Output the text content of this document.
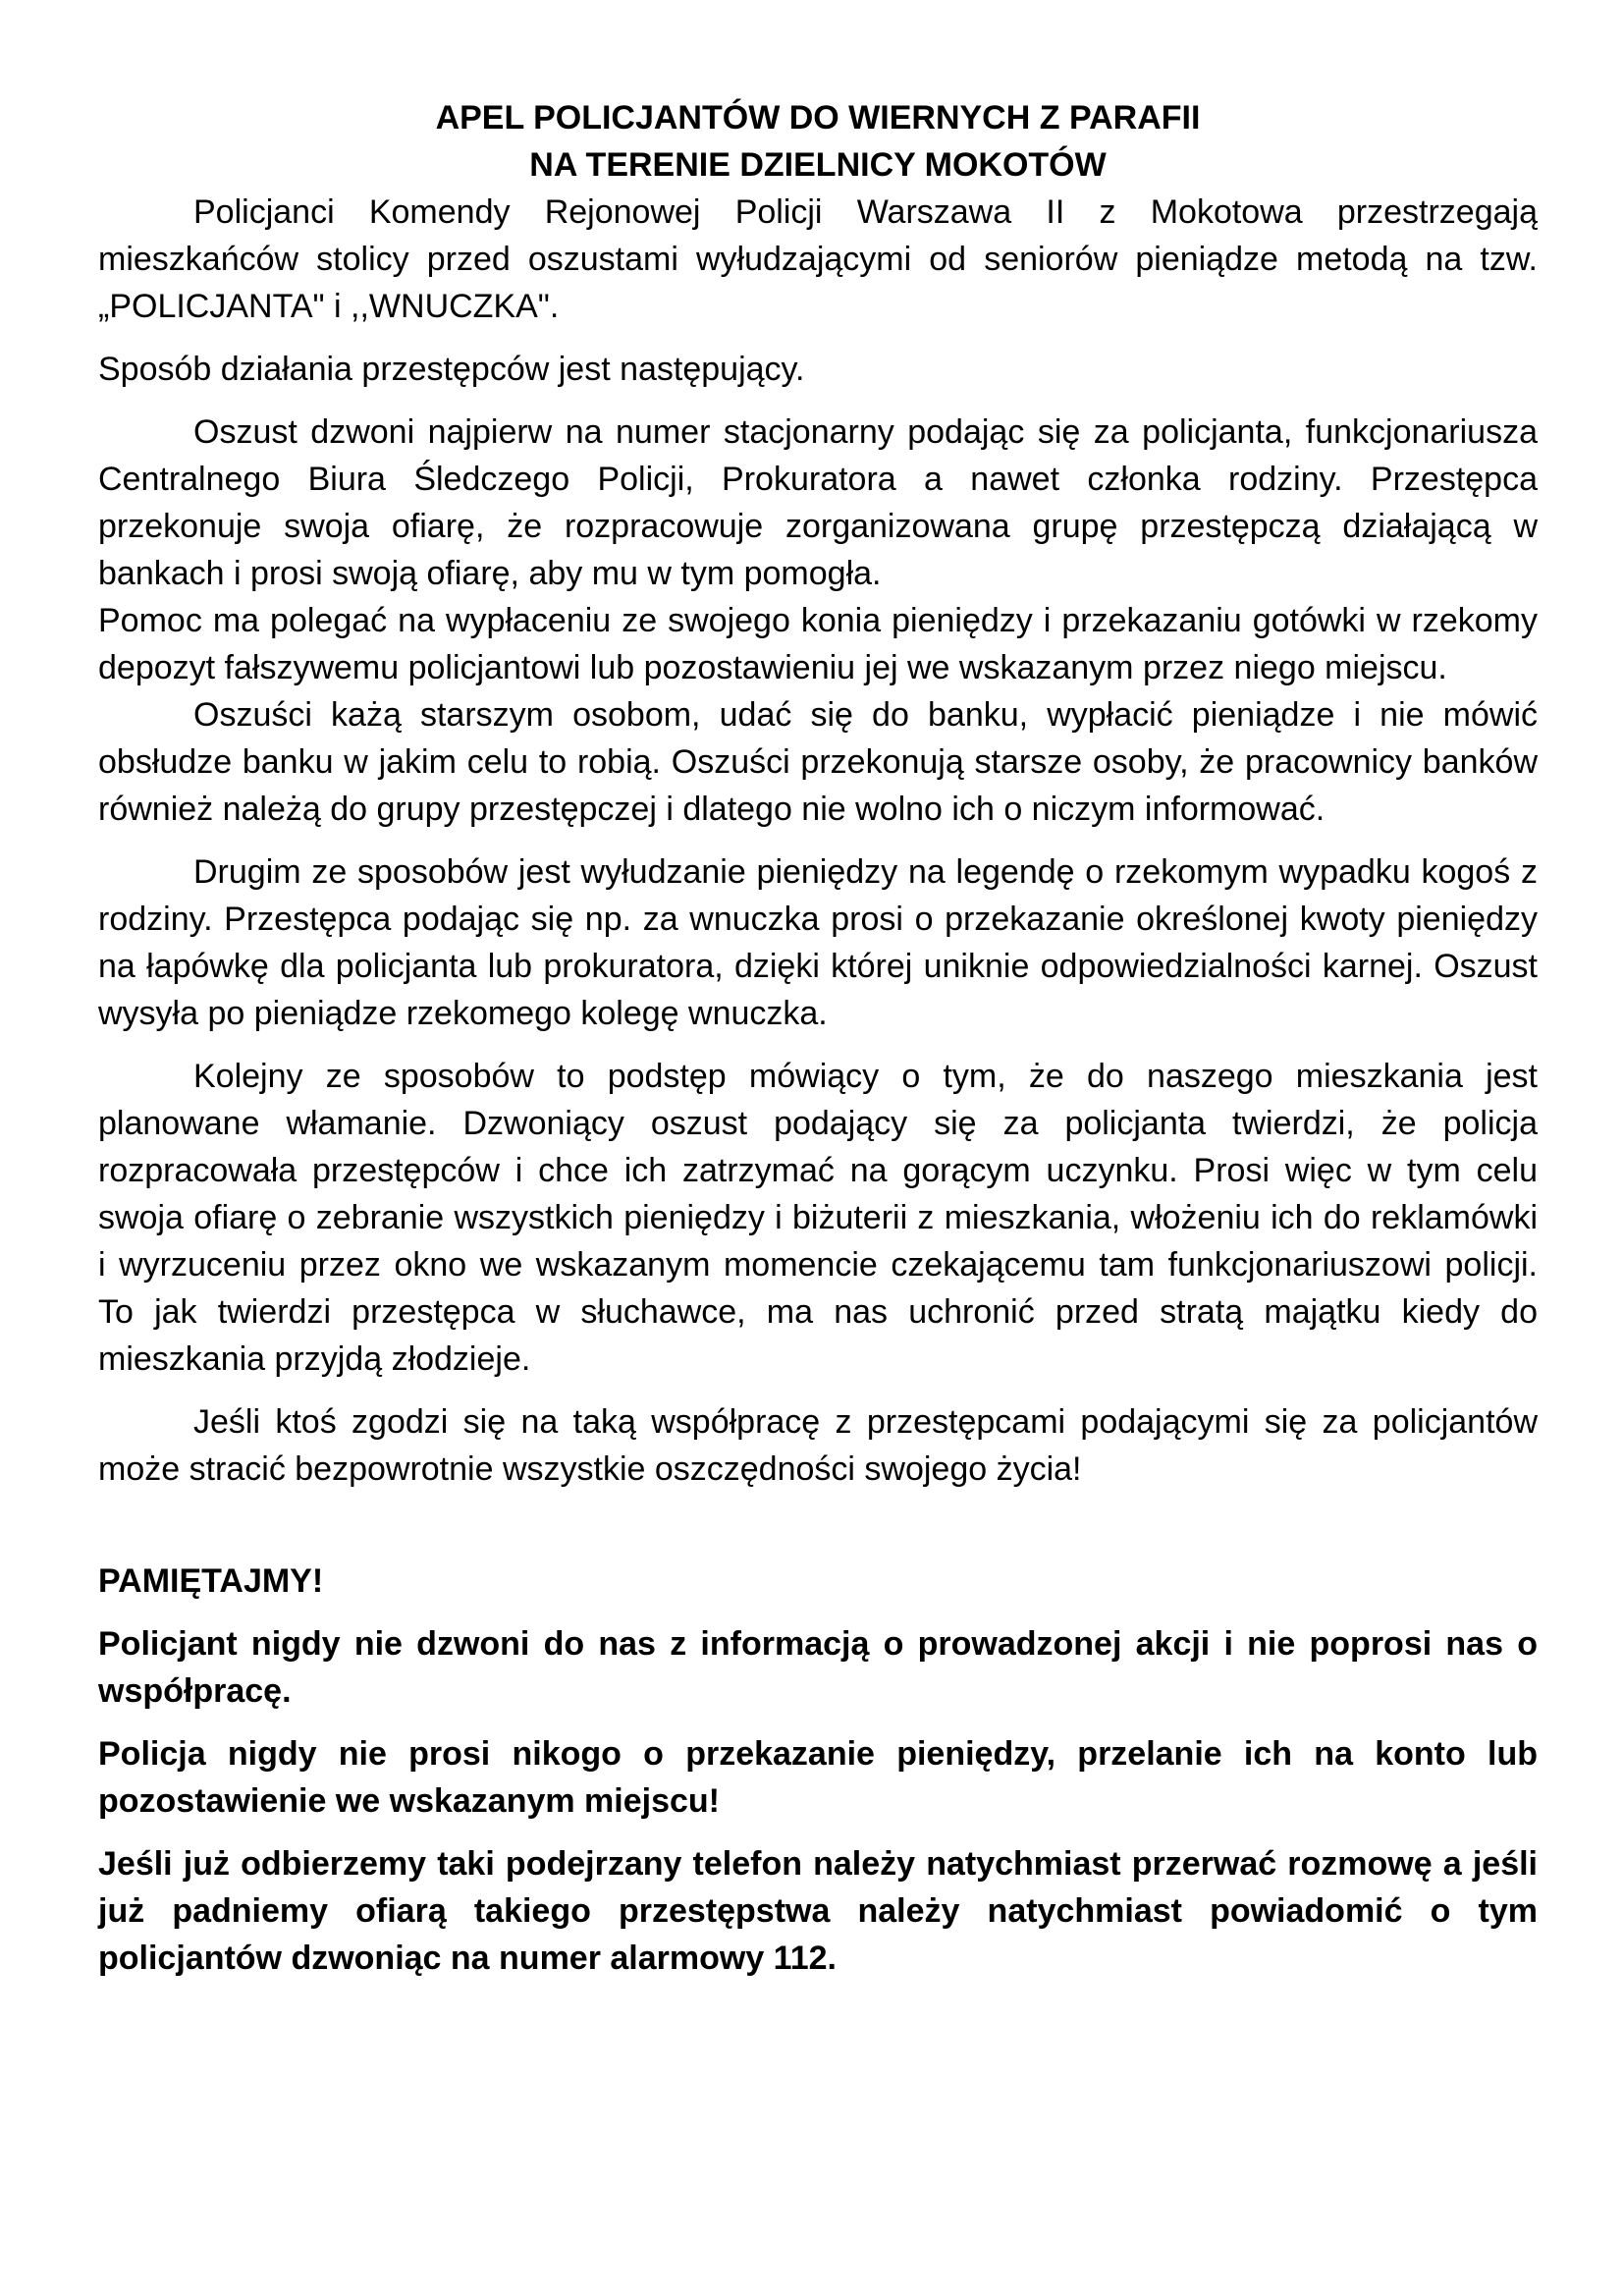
APEL POLICJANTÓW DO WIERNYCH Z PARAFII
NA TERENIE DZIELNICY MOKOTÓW

Policjanci Komendy Rejonowej Policji Warszawa II z Mokotowa przestrzegają mieszkańców stolicy przed oszustami wyłudzającymi od seniorów pieniądze metodą na tzw. „POLICJANTA" i ,,WNUCZKA".

Sposób działania przestępców jest następujący.

Oszust dzwoni najpierw na numer stacjonarny podając się za policjanta, funkcjonariusza Centralnego Biura Śledczego Policji, Prokuratora a nawet członka rodziny. Przestępca przekonuje swoja ofiarę, że rozpracowuje zorganizowana grupę przestępczą działającą w bankach i prosi swoją ofiarę, aby mu w tym pomogła.

Pomoc ma polegać na wypłaceniu ze swojego konia pieniędzy i przekazaniu gotówki w rzekomy depozyt fałszywemu policjantowi lub pozostawieniu jej we wskazanym przez niego miejscu.

Oszuści każą starszym osobom, udać się do banku, wypłacić pieniądze i nie mówić obsłudze banku w jakim celu to robią. Oszuści przekonują starsze osoby, że pracownicy banków również należą do grupy przestępczej i dlatego nie wolno ich o niczym informować.

Drugim ze sposobów jest wyłudzanie pieniędzy na legendę o rzekomym wypadku kogoś z rodziny. Przestępca podając się np. za wnuczka prosi o przekazanie określonej kwoty pieniędzy na łapówkę dla policjanta lub prokuratora, dzięki której uniknie odpowiedzialności karnej. Oszust wysyła po pieniądze rzekomego kolegę wnuczka.

Kolejny ze sposobów to podstęp mówiący o tym, że do naszego mieszkania jest planowane włamanie. Dzwoniący oszust podający się za policjanta twierdzi, że policja rozpracowała przestępców i chce ich zatrzymać na gorącym uczynku. Prosi więc w tym celu swoja ofiarę o zebranie wszystkich pieniędzy i biżuterii z mieszkania, włożeniu ich do reklamówki i wyrzuceniu przez okno we wskazanym momencie czekającemu tam funkcjonariuszowi policji. To jak twierdzi przestępca w słuchawce, ma nas uchronić przed stratą majątku kiedy do mieszkania przyjdą złodzieje.

Jeśli ktoś zgodzi się na taką współpracę z przestępcami podającymi się za policjantów może stracić bezpowrotnie wszystkie oszczędności swojego życia!

PAMIĘTAJMY!

Policjant nigdy nie dzwoni do nas z informacją o prowadzonej akcji i nie poprosi nas o współpracę.

Policja nigdy nie prosi nikogo o przekazanie pieniędzy, przelanie ich na konto lub pozostawienie we wskazanym miejscu!

Jeśli już odbierzemy taki podejrzany telefon należy natychmiast przerwać rozmowę a jeśli już padniemy ofiarą takiego przestępstwa należy natychmiast powiadomić o tym policjantów dzwoniąc na numer alarmowy 112.
